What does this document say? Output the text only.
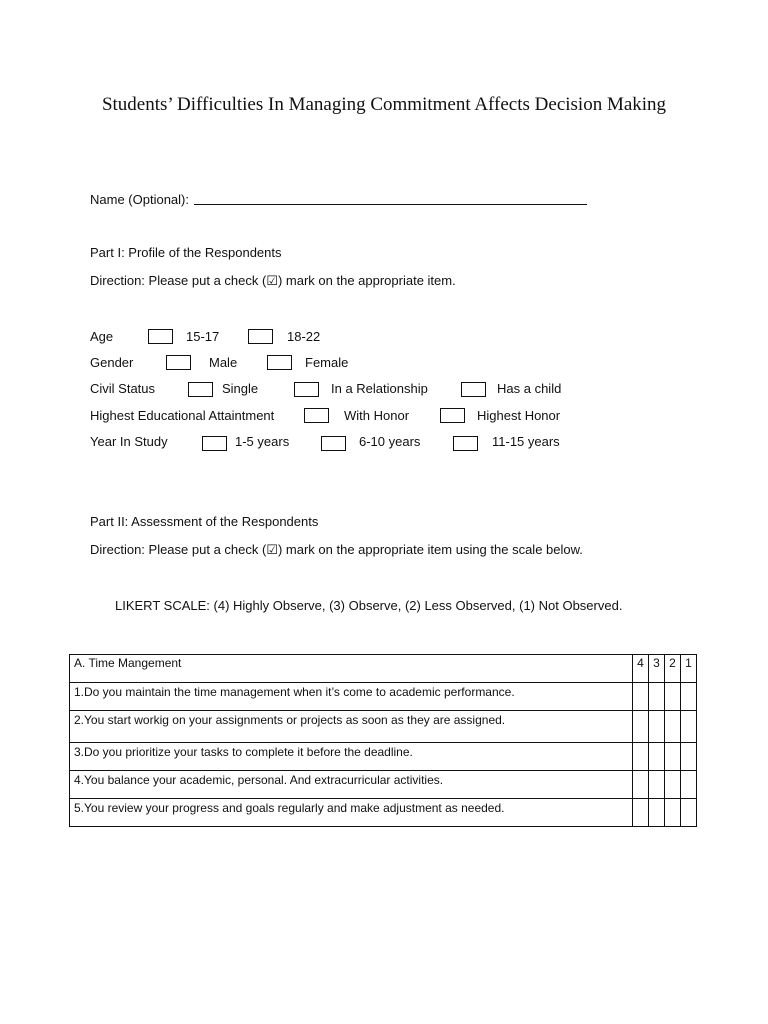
Students’ Difficulties In Managing Commitment Affects Decision Making
Name (Optional):
Part I: Profile of the Respondents
Direction: Please put a check (☑) mark on the appropriate item.
Age	15-17	18-22
Gender	Male	Female
Civil Status	Single	In a Relationship	Has a child
Highest Educational Attaintment	With Honor	Highest Honor
Year In Study	1-5 years	6-10 years	11-15 years
Part II: Assessment of the Respondents
Direction: Please put a check (☑) mark on the appropriate item using the scale below.
LIKERT SCALE: (4) Highly Observe, (3) Observe, (2) Less Observed, (1) Not Observed.
A. Time Mangement	4	3	2	1
1.Do you maintain the time management when it’s come to academic performance.				
2.You start workig on your assignments or projects as soon as they are assigned.				
3.Do you prioritize your tasks to complete it before the deadline.				
4.You balance your academic, personal. And extracurricular activities.				
5.You review your progress and goals regularly and make adjustment as needed.				
